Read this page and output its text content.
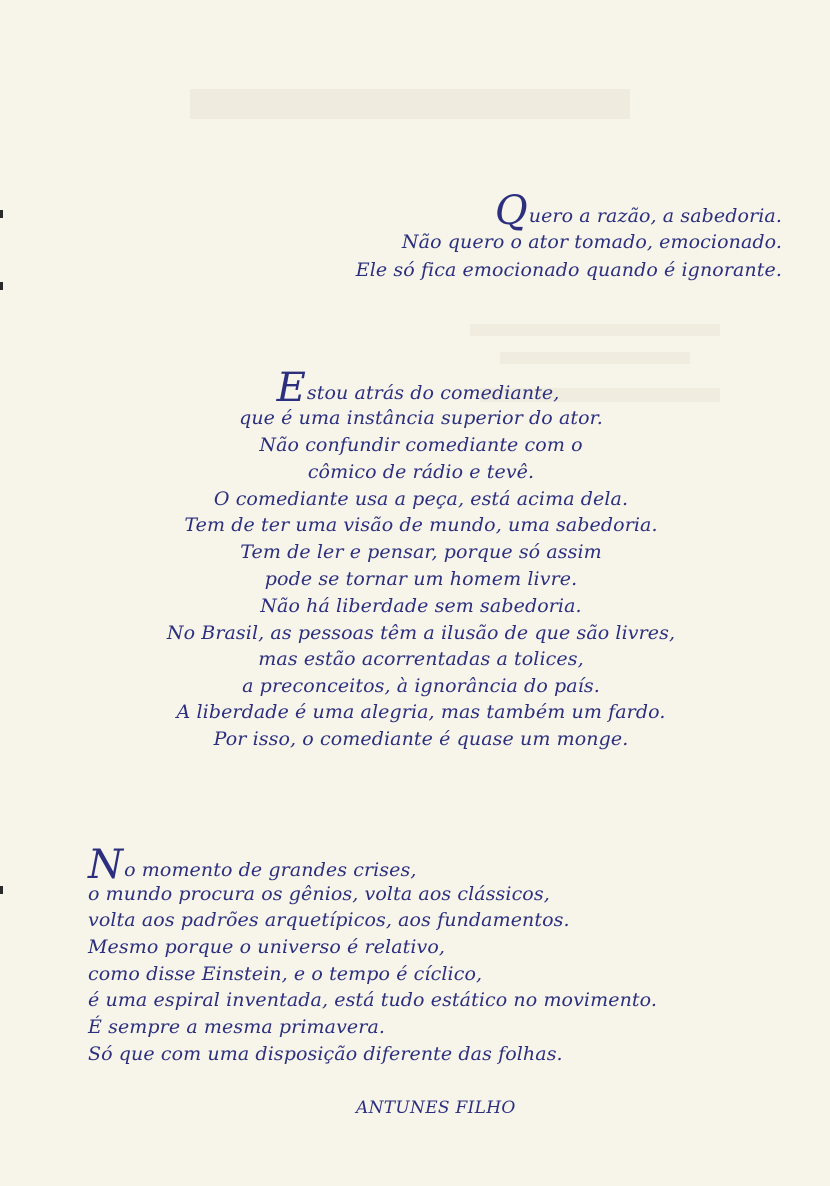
Quero a razão, a sabedoria.
Não quero o ator tomado, emocionado.
Ele só fica emocionado quando é ignorante.
Estou atrás do comediante,
que é uma instância superior do ator.
Não confundir comediante com o
cômico de rádio e tevê.
O comediante usa a peça, está acima dela.
Tem de ter uma visão de mundo, uma sabedoria.
Tem de ler e pensar, porque só assim
pode se tornar um homem livre.
Não há liberdade sem sabedoria.
No Brasil, as pessoas têm a ilusão de que são livres,
mas estão acorrentadas a tolices,
a preconceitos, à ignorância do país.
A liberdade é uma alegria, mas também um fardo.
Por isso, o comediante é quase um monge.
No momento de grandes crises,
o mundo procura os gênios, volta aos clássicos,
volta aos padrões arquetípicos, aos fundamentos.
Mesmo porque o universo é relativo,
como disse Einstein, e o tempo é cíclico,
é uma espiral inventada, está tudo estático no movimento.
É sempre a mesma primavera.
Só que com uma disposição diferente das folhas.
ANTUNES FILHO
